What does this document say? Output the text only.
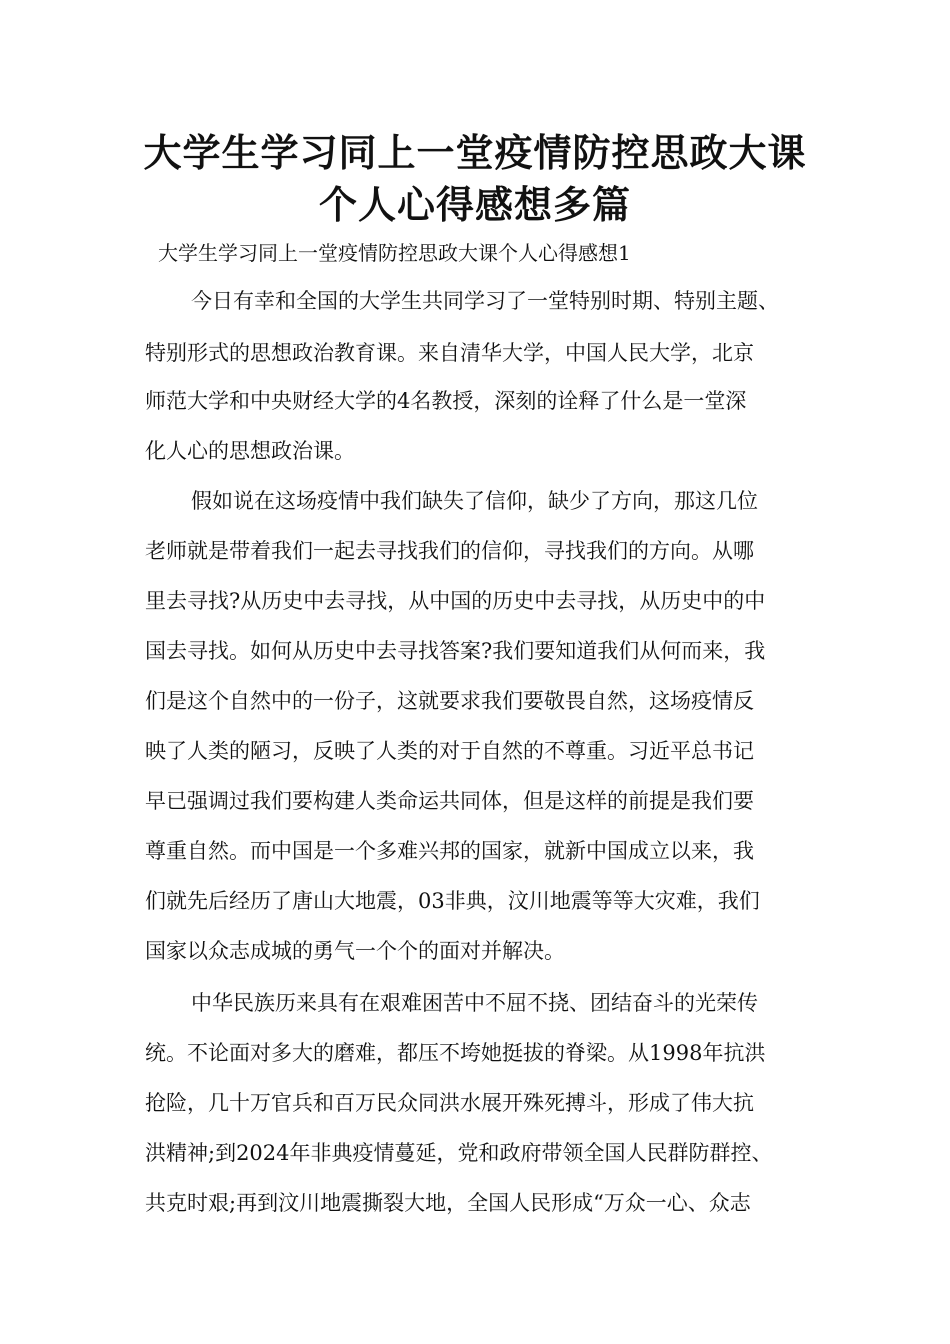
大学生学习同上一堂疫情防控思政大课
个人心得感想多篇
大学生学习同上一堂疫情防控思政大课个人心得感想1
今日有幸和全国的大学生共同学习了一堂特别时期、特别主题、
特别形式的思想政治教育课。来自清华大学，中国人民大学，北京
师范大学和中央财经大学的4名教授，深刻的诠释了什么是一堂深
化人心的思想政治课。
假如说在这场疫情中我们缺失了信仰，缺少了方向，那这几位
老师就是带着我们一起去寻找我们的信仰，寻找我们的方向。从哪
里去寻找?从历史中去寻找，从中国的历史中去寻找，从历史中的中
国去寻找。如何从历史中去寻找答案?我们要知道我们从何而来，我
们是这个自然中的一份子，这就要求我们要敬畏自然，这场疫情反
映了人类的陋习，反映了人类的对于自然的不尊重。习近平总书记
早已强调过我们要构建人类命运共同体，但是这样的前提是我们要
尊重自然。而中国是一个多难兴邦的国家，就新中国成立以来，我
们就先后经历了唐山大地震，03非典，汶川地震等等大灾难，我们
国家以众志成城的勇气一个个的面对并解决。
中华民族历来具有在艰难困苦中不屈不挠、团结奋斗的光荣传
统。不论面对多大的磨难，都压不垮她挺拔的脊梁。从1998年抗洪
抢险，几十万官兵和百万民众同洪水展开殊死搏斗，形成了伟大抗
洪精神;到2024年非典疫情蔓延，党和政府带领全国人民群防群控、
共克时艰;再到汶川地震撕裂大地，全国人民形成“万众一心、众志
